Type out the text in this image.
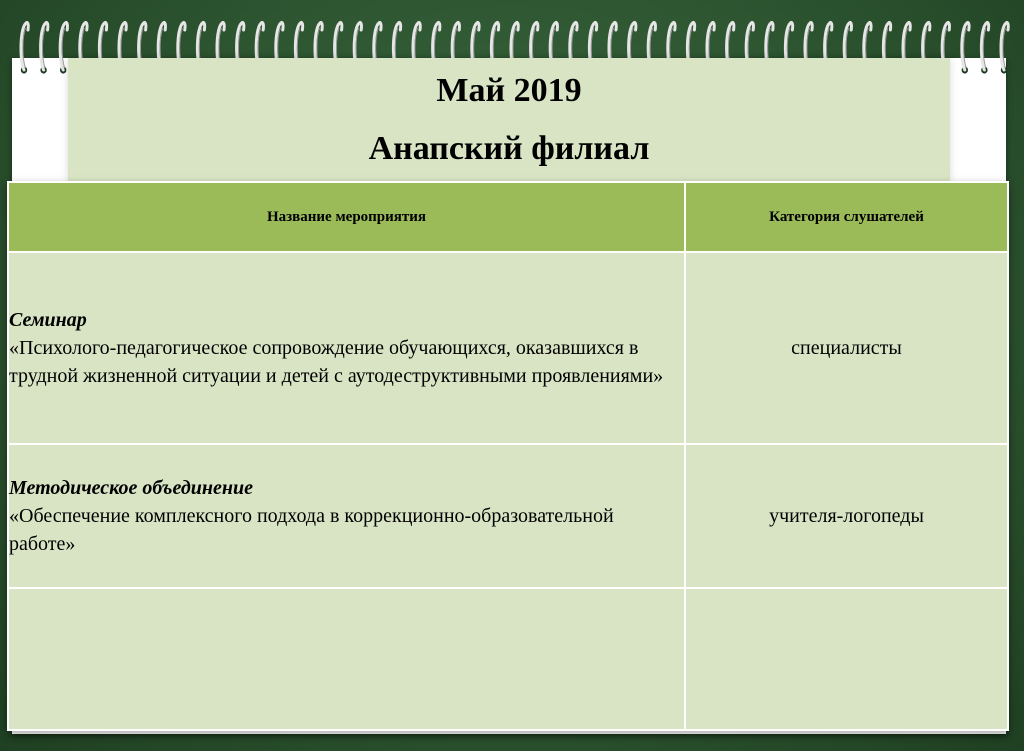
Май 2019
Анапский филиал
Название мероприятия	Категория слушателей

Семинар
«Психолого-педагогическое сопровождение обучающихся, оказавшихся в трудной жизненной ситуации и детей с аутодеструктивными проявлениями»	специалисты

Методическое объединение
«Обеспечение комплексного подхода в коррекционно-образовательной работе»	учителя-логопеды
